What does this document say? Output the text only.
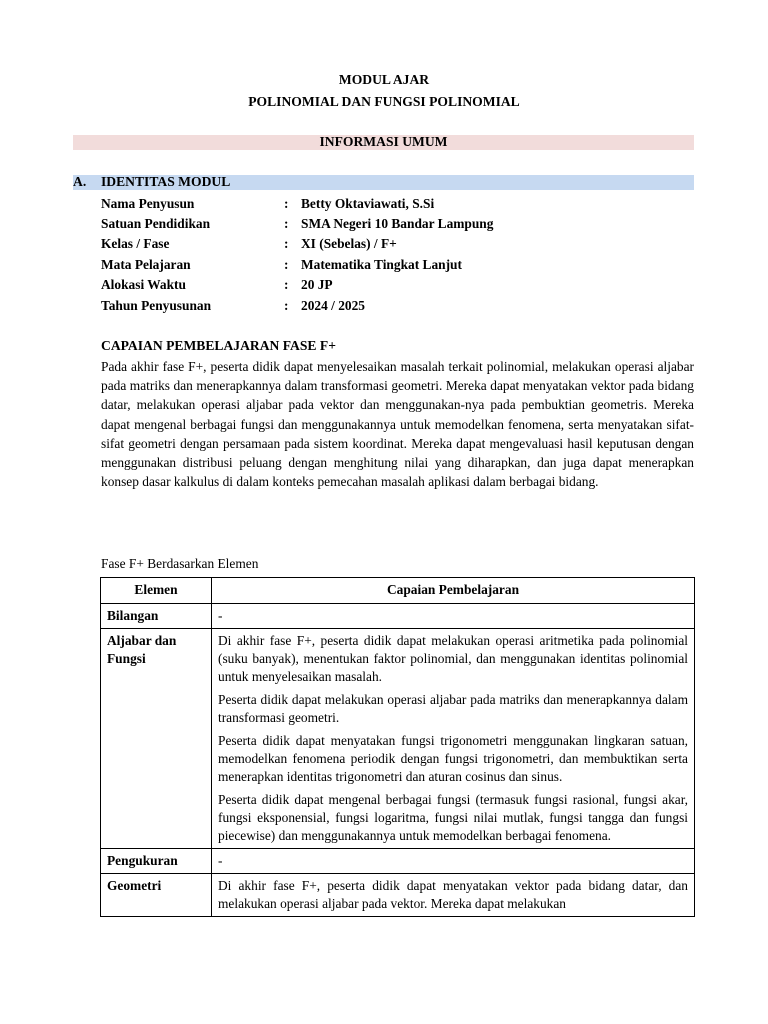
MODUL AJAR
POLINOMIAL DAN FUNGSI POLINOMIAL
INFORMASI UMUM
A. IDENTITAS MODUL
Nama Penyusun	: Betty Oktaviawati, S.Si
Satuan Pendidikan	: SMA Negeri 10 Bandar Lampung
Kelas / Fase	: XI (Sebelas) / F+
Mata Pelajaran	: Matematika Tingkat Lanjut
Alokasi Waktu	: 20 JP
Tahun Penyusunan	: 2024 / 2025
CAPAIAN PEMBELAJARAN FASE F+
Pada akhir fase F+, peserta didik dapat menyelesaikan masalah terkait polinomial, melakukan operasi aljabar pada matriks dan menerapkannya dalam transformasi geometri. Mereka dapat menyatakan vektor pada bidang datar, melakukan operasi aljabar pada vektor dan menggunakan-nya pada pembuktian geometris. Mereka dapat mengenal berbagai fungsi dan menggunakannya untuk memodelkan fenomena, serta menyatakan sifat-sifat geometri dengan persamaan pada sistem koordinat. Mereka dapat mengevaluasi hasil keputusan dengan menggunakan distribusi peluang dengan menghitung nilai yang diharapkan, dan juga dapat menerapkan konsep dasar kalkulus di dalam konteks pemecahan masalah aplikasi dalam berbagai bidang.
Fase F+ Berdasarkan Elemen
Elemen	Capaian Pembelajaran
Bilangan	-

Aljabar dan Fungsi	Di akhir fase F+, peserta didik dapat melakukan operasi aritmetika pada polinomial (suku banyak), menentukan faktor polinomial, dan menggunakan identitas polinomial untuk menyelesaikan masalah.

Peserta didik dapat melakukan operasi aljabar pada matriks dan menerapkannya dalam transformasi geometri.

Peserta didik dapat menyatakan fungsi trigonometri menggunakan lingkaran satuan, memodelkan fenomena periodik dengan fungsi trigonometri, dan membuktikan serta menerapkan identitas trigonometri dan aturan cosinus dan sinus.

Peserta didik dapat mengenal berbagai fungsi (termasuk fungsi rasional, fungsi akar, fungsi eksponensial, fungsi logaritma, fungsi nilai mutlak, fungsi tangga dan fungsi piecewise) dan menggunakannya untuk memodelkan berbagai fenomena.

Pengukuran	-

Geometri	Di akhir fase F+, peserta didik dapat menyatakan vektor pada bidang datar, dan melakukan operasi aljabar pada vektor. Mereka dapat melakukan
